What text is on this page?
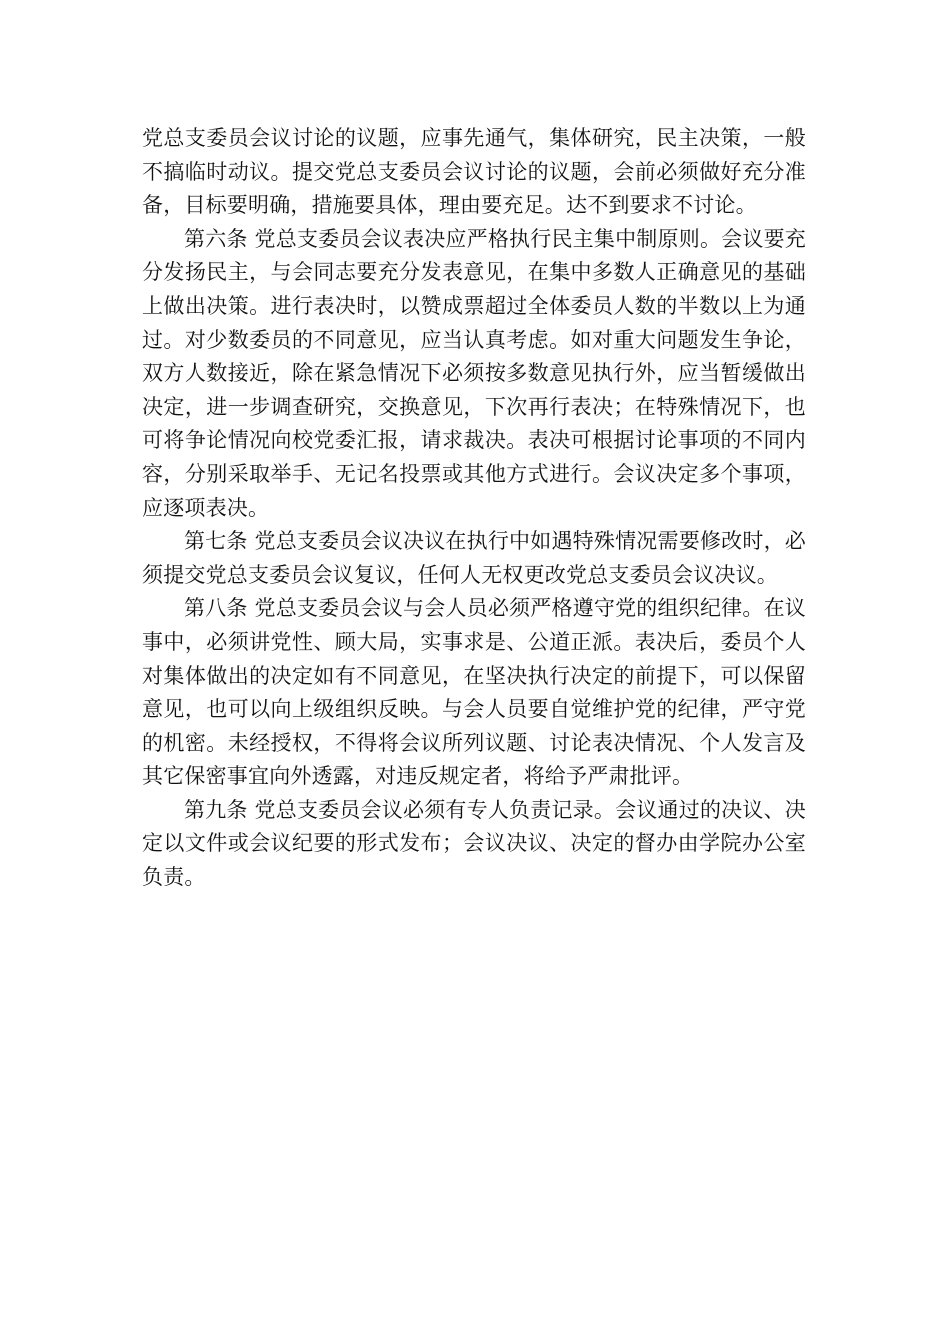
党总支委员会议讨论的议题，应事先通气，集体研究，民主决策，一般不搞临时动议。提交党总支委员会议讨论的议题，会前必须做好充分准备，目标要明确，措施要具体，理由要充足。达不到要求不讨论。

第六条 党总支委员会议表决应严格执行民主集中制原则。会议要充分发扬民主，与会同志要充分发表意见，在集中多数人正确意见的基础上做出决策。进行表决时，以赞成票超过全体委员人数的半数以上为通过。对少数委员的不同意见，应当认真考虑。如对重大问题发生争论，双方人数接近，除在紧急情况下必须按多数意见执行外，应当暂缓做出决定，进一步调查研究，交换意见，下次再行表决；在特殊情况下，也可将争论情况向校党委汇报，请求裁决。表决可根据讨论事项的不同内容，分别采取举手、无记名投票或其他方式进行。会议决定多个事项，应逐项表决。

第七条 党总支委员会议决议在执行中如遇特殊情况需要修改时，必须提交党总支委员会议复议，任何人无权更改党总支委员会议决议。

第八条 党总支委员会议与会人员必须严格遵守党的组织纪律。在议事中，必须讲党性、顾大局，实事求是、公道正派。表决后，委员个人对集体做出的决定如有不同意见，在坚决执行决定的前提下，可以保留意见，也可以向上级组织反映。与会人员要自觉维护党的纪律，严守党的机密。未经授权，不得将会议所列议题、讨论表决情况、个人发言及其它保密事宜向外透露，对违反规定者，将给予严肃批评。

第九条 党总支委员会议必须有专人负责记录。会议通过的决议、决定以文件或会议纪要的形式发布；会议决议、决定的督办由学院办公室负责。
